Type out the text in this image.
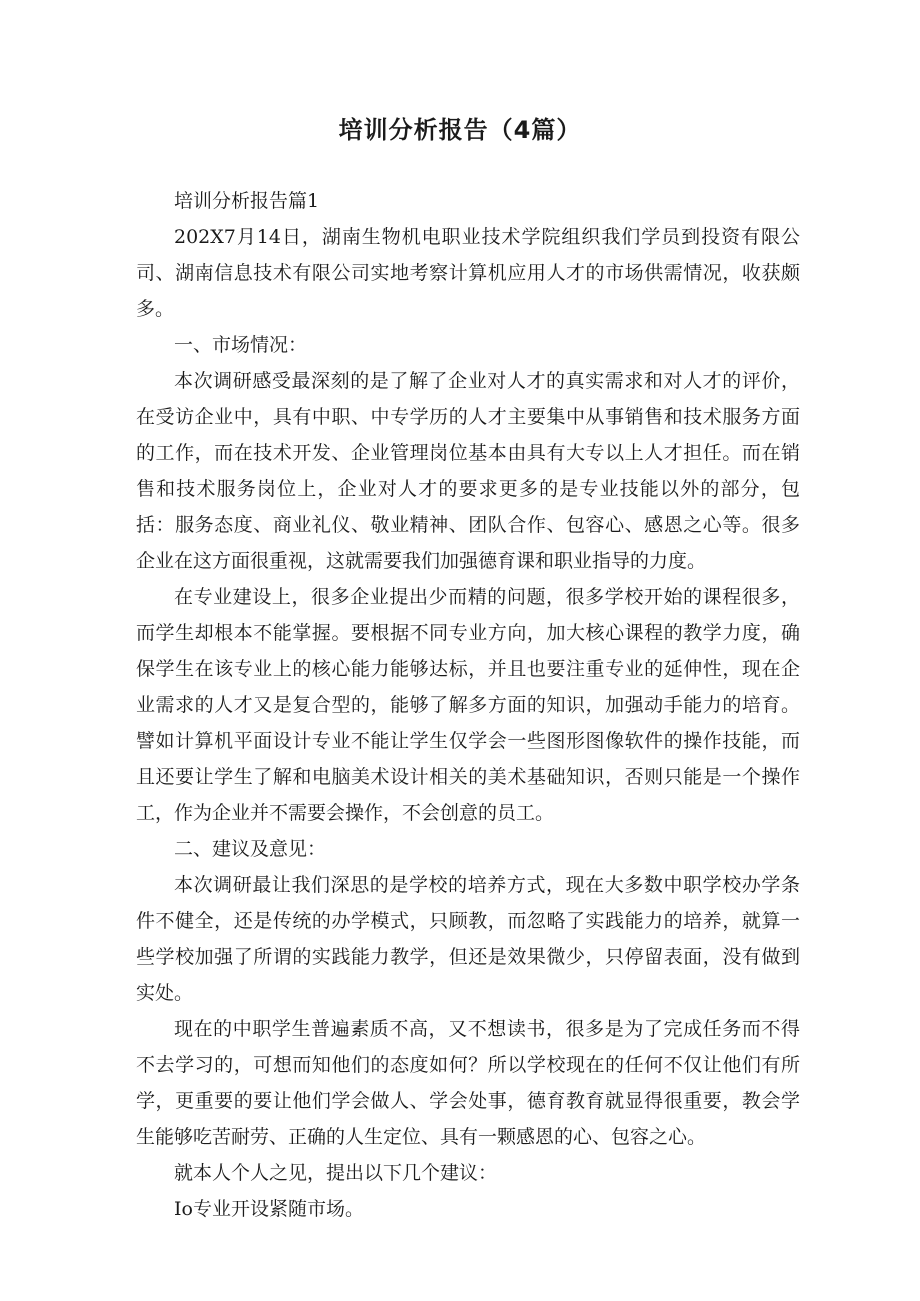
培训分析报告（4篇）

培训分析报告篇1

202X7月14日，湖南生物机电职业技术学院组织我们学员到投资有限公司、湖南信息技术有限公司实地考察计算机应用人才的市场供需情况，收获颇多。

一、市场情况：

本次调研感受最深刻的是了解了企业对人才的真实需求和对人才的评价，在受访企业中，具有中职、中专学历的人才主要集中从事销售和技术服务方面的工作，而在技术开发、企业管理岗位基本由具有大专以上人才担任。而在销售和技术服务岗位上，企业对人才的要求更多的是专业技能以外的部分，包括：服务态度、商业礼仪、敬业精神、团队合作、包容心、感恩之心等。很多企业在这方面很重视，这就需要我们加强德育课和职业指导的力度。

在专业建设上，很多企业提出少而精的问题，很多学校开始的课程很多，而学生却根本不能掌握。要根据不同专业方向，加大核心课程的教学力度，确保学生在该专业上的核心能力能够达标，并且也要注重专业的延伸性，现在企业需求的人才又是复合型的，能够了解多方面的知识，加强动手能力的培育。譬如计算机平面设计专业不能让学生仅学会一些图形图像软件的操作技能，而且还要让学生了解和电脑美术设计相关的美术基础知识，否则只能是一个操作工，作为企业并不需要会操作，不会创意的员工。

二、建议及意见：

本次调研最让我们深思的是学校的培养方式，现在大多数中职学校办学条件不健全，还是传统的办学模式，只顾教，而忽略了实践能力的培养，就算一些学校加强了所谓的实践能力教学，但还是效果微少，只停留表面，没有做到实处。

现在的中职学生普遍素质不高，又不想读书，很多是为了完成任务而不得不去学习的，可想而知他们的态度如何？所以学校现在的任何不仅让他们有所学，更重要的要让他们学会做人、学会处事，德育教育就显得很重要，教会学生能够吃苦耐劳、正确的人生定位、具有一颗感恩的心、包容之心。

就本人个人之见，提出以下几个建议：

Io专业开设紧随市场。
